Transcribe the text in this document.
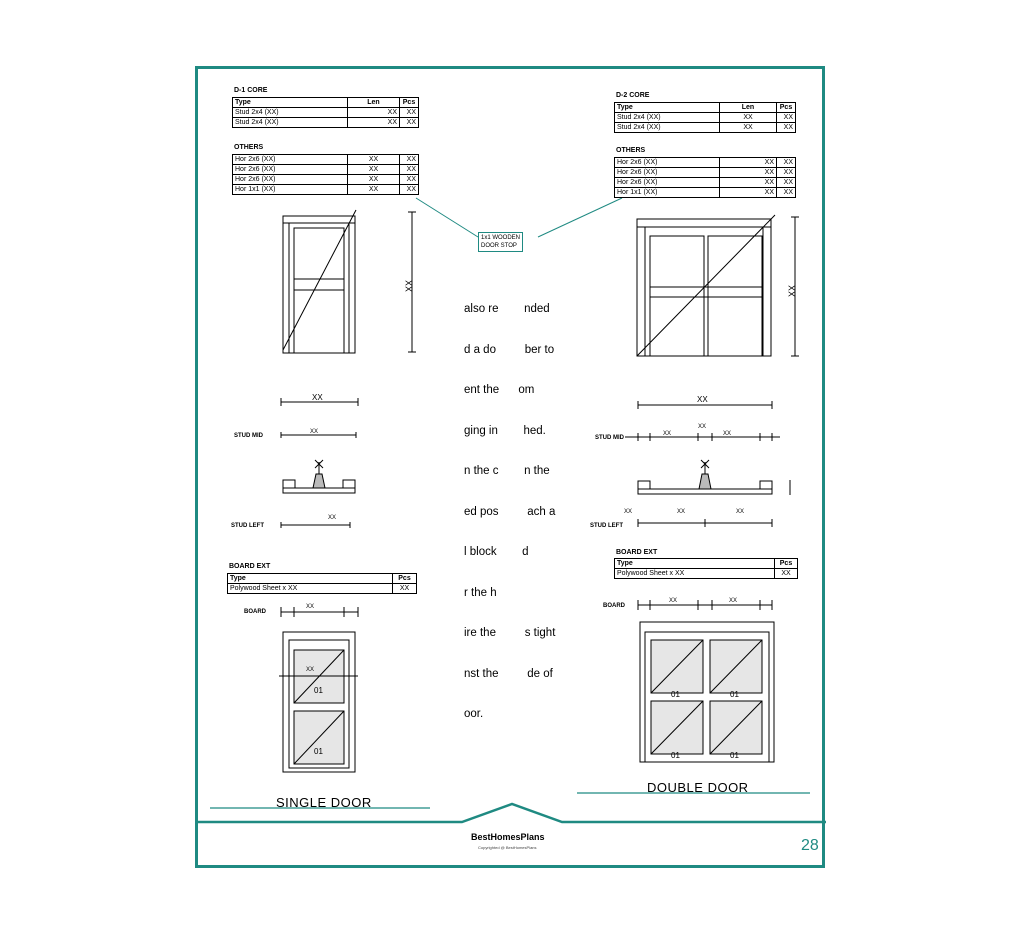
D-1 CORE
Type	Len	Pcs
Stud 2x4 (XX)	XX	XX
Stud 2x4 (XX)	XX	XX
OTHERS
Hor 2x6 (XX)	XX	XX
Hor 2x6 (XX)	XX	XX
Hor 2x6 (XX)	XX	XX
Hor 1x1 (XX)	XX	XX
XX
XX
STUD MID
XX
STUD LEFT
XX
BOARD EXT
Type	Pcs
Polywood Sheet x XX	XX
BOARD
XX
XX
01
01
SINGLE DOOR
1x1 WOODEN
DOOR STOP

also re        nded

d a do         ber to

ent the      om

ging in        hed.

n the c        n the

ed pos         ach a

l block        d

r the h

ire the         s tight

nst the         de of

oor.

D-2 CORE
Type	Len	Pcs
Stud 2x4 (XX)	XX	XX
Stud 2x4 (XX)	XX	XX
OTHERS
Hor 2x6 (XX)	XX	XX
Hor 2x6 (XX)	XX	XX
Hor 2x6 (XX)	XX	XX
Hor 1x1 (XX)	XX	XX
XX
XX
STUD MID
XX
XX
XX
STUD LEFT
XX	XX	XX
BOARD EXT
Type	Pcs
Polywood Sheet x XX	XX
BOARD
XX	XX
01	01
01	01
DOUBLE DOOR
BestHomesPlans
Copyrighted @ BestHomesPlans	28
